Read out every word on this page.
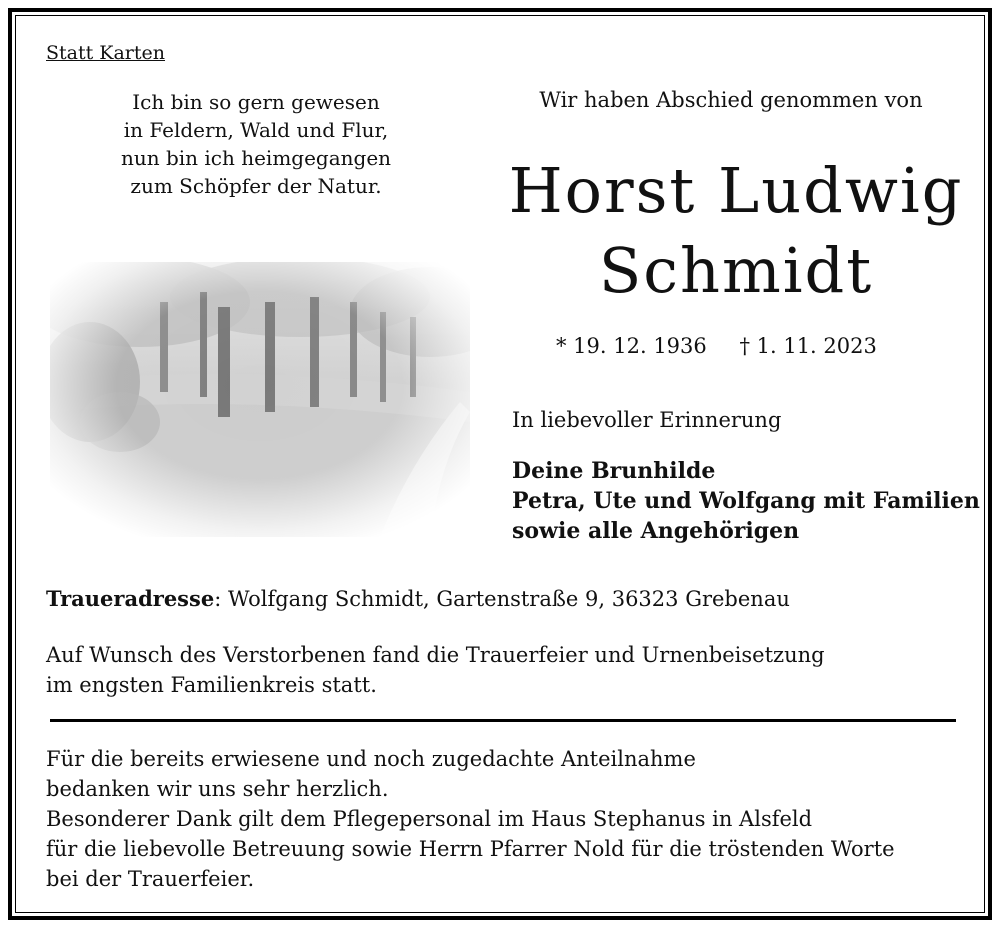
Statt Karten
Ich bin so gern gewesen
in Feldern, Wald und Flur,
nun bin ich heimgegangen
zum Schöpfer der Natur.
Wir haben Abschied genommen von
Horst Ludwig
Schmidt
* 19. 12. 1936 † 1. 11. 2023
In liebevoller Erinnerung
Deine Brunhilde
Petra, Ute und Wolfgang mit Familien
sowie alle Angehörigen
Traueradresse: Wolfgang Schmidt, Gartenstraße 9, 36323 Grebenau
Auf Wunsch des Verstorbenen fand die Trauerfeier und Urnenbeisetzung
im engsten Familienkreis statt.
Für die bereits erwiesene und noch zugedachte Anteilnahme
bedanken wir uns sehr herzlich.
Besonderer Dank gilt dem Pflegepersonal im Haus Stephanus in Alsfeld
für die liebevolle Betreuung sowie Herrn Pfarrer Nold für die tröstenden Worte
bei der Trauerfeier.
